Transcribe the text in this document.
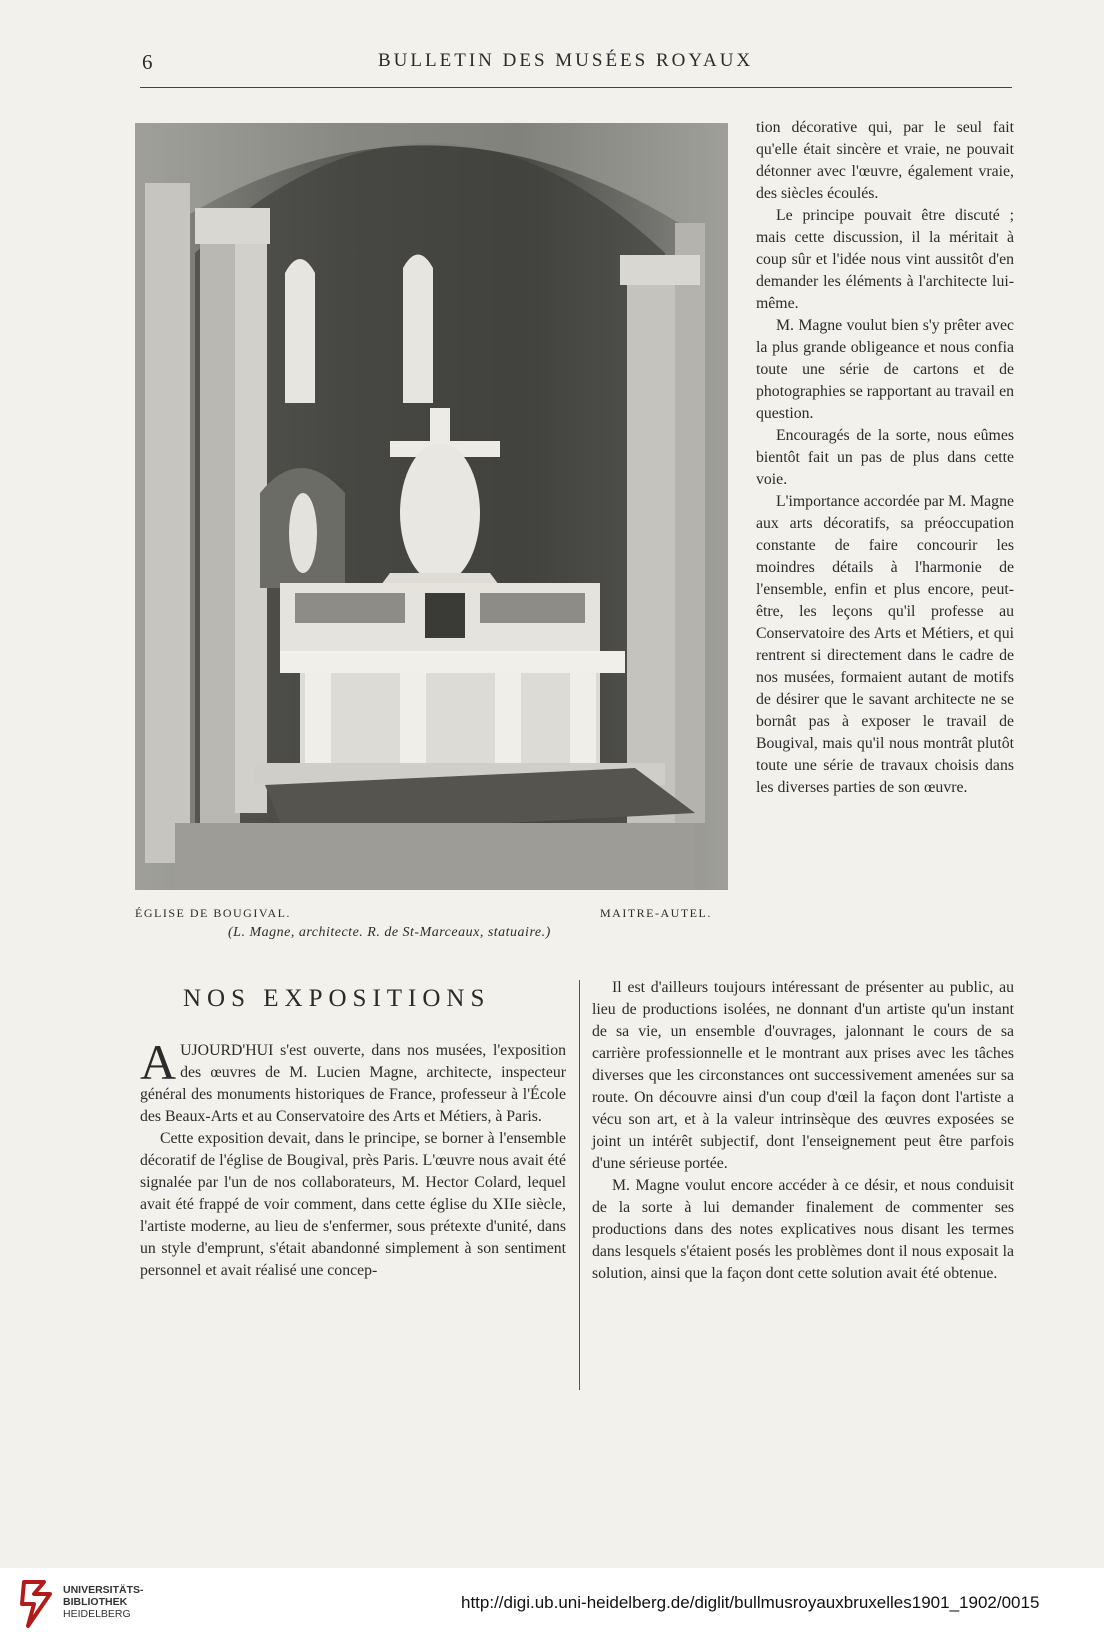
6	BULLETIN DES MUSÉES ROYAUX
ÉGLISE DE BOUGIVAL.	MAITRE-AUTEL.
(L. Magne, architecte. R. de St-Marceaux, statuaire.)

tion décorative qui, par le seul fait qu'elle était sincère et vraie, ne pouvait détonner avec l'œuvre, également vraie, des siècles écoulés.

Le principe pouvait être discuté ; mais cette discussion, il la méritait à coup sûr et l'idée nous vint aussitôt d'en demander les éléments à l'architecte lui-même.

M. Magne voulut bien s'y prêter avec la plus grande obligeance et nous confia toute une série de cartons et de photographies se rapportant au travail en question.

Encouragés de la sorte, nous eûmes bientôt fait un pas de plus dans cette voie.

L'importance accordée par M. Magne aux arts décoratifs, sa préoccupation constante de faire concourir les moindres détails à l'harmonie de l'ensemble, enfin et plus encore, peut-être, les leçons qu'il professe au Conservatoire des Arts et Métiers, et qui rentrent si directement dans le cadre de nos musées, formaient autant de motifs de désirer que le savant architecte ne se bornât pas à exposer le travail de Bougival, mais qu'il nous montrât plutôt toute une série de travaux choisis dans les diverses parties de son œuvre.

NOS EXPOSITIONS

AUJOURD'HUI s'est ouverte, dans nos musées, l'exposition des œuvres de M. Lucien Magne, architecte, inspecteur général des monuments historiques de France, professeur à l'École des Beaux-Arts et au Conservatoire des Arts et Métiers, à Paris.

Cette exposition devait, dans le principe, se borner à l'ensemble décoratif de l'église de Bougival, près Paris. L'œuvre nous avait été signalée par l'un de nos collaborateurs, M. Hector Colard, lequel avait été frappé de voir comment, dans cette église du XIIe siècle, l'artiste moderne, au lieu de s'enfermer, sous prétexte d'unité, dans un style d'emprunt, s'était abandonné simplement à son sentiment personnel et avait réalisé une concep-

Il est d'ailleurs toujours intéressant de présenter au public, au lieu de productions isolées, ne donnant d'un artiste qu'un instant de sa vie, un ensemble d'ouvrages, jalonnant le cours de sa carrière professionnelle et le montrant aux prises avec les tâches diverses que les circonstances ont successivement amenées sur sa route. On découvre ainsi d'un coup d'œil la façon dont l'artiste a vécu son art, et à la valeur intrinsèque des œuvres exposées se joint un intérêt subjectif, dont l'enseignement peut être parfois d'une sérieuse portée.

M. Magne voulut encore accéder à ce désir, et nous conduisit de la sorte à lui demander finalement de commenter ses productions dans des notes explicatives nous disant les termes dans lesquels s'étaient posés les problèmes dont il nous exposait la solution, ainsi que la façon dont cette solution avait été obtenue.

UNIVERSITÄTS-
BIBLIOTHEK
HEIDELBERG
http://digi.ub.uni-heidelberg.de/diglit/bullmusroyauxbruxelles1901_1902/0015
